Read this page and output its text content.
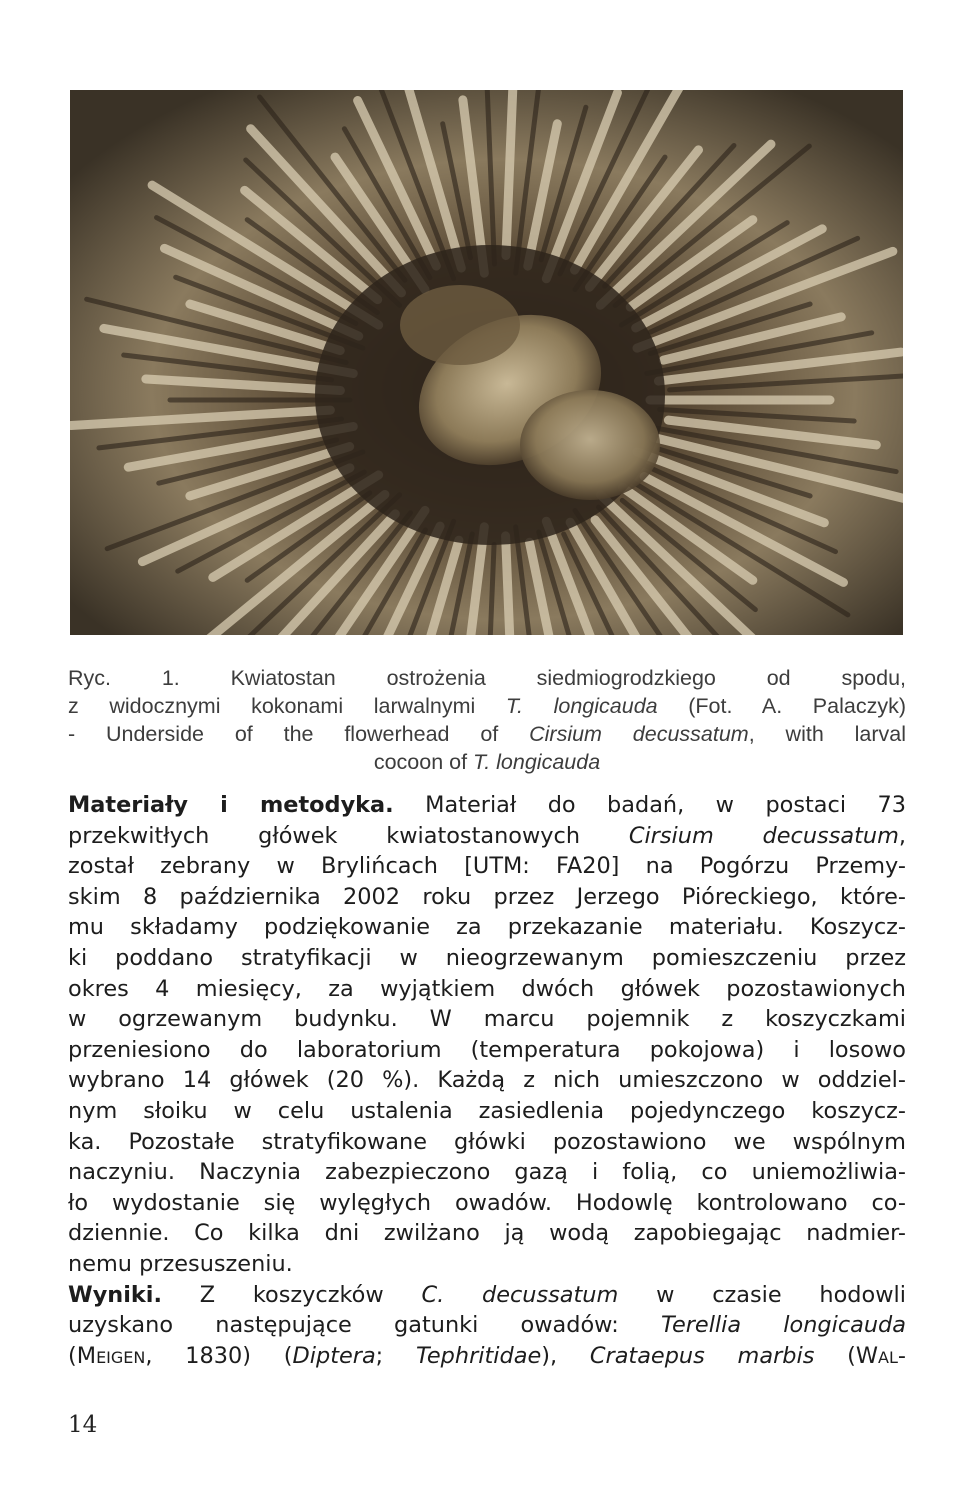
Ryc. 1. Kwiatostan ostrożenia siedmiogrodzkiego od spodu,
z widocznymi kokonami larwalnymi T. longicauda (Fot. A. Palaczyk)
- Underside of the flowerhead of Cirsium decussatum, with larval
cocoon of T. longicauda
Materiały i metodyka. Materiał do badań, w postaci 73
przekwitłych główek kwiatostanowych Cirsium decussatum,
został zebrany w Brylińcach [UTM: FA20] na Pogórzu Przemy-
skim 8 października 2002 roku przez Jerzego Pióreckiego, które-
mu składamy podziękowanie za przekazanie materiału. Koszycz-
ki poddano stratyfikacji w nieogrzewanym pomieszczeniu przez
okres 4 miesięcy, za wyjątkiem dwóch główek pozostawionych
w ogrzewanym budynku. W marcu pojemnik z koszyczkami
przeniesiono do laboratorium (temperatura pokojowa) i losowo
wybrano 14 główek (20 %). Każdą z nich umieszczono w oddziel-
nym słoiku w celu ustalenia zasiedlenia pojedynczego koszycz-
ka. Pozostałe stratyfikowane główki pozostawiono we wspólnym
naczyniu. Naczynia zabezpieczono gazą i folią, co uniemożliwia-
ło wydostanie się wylęgłych owadów. Hodowlę kontrolowano co-
dziennie. Co kilka dni zwilżano ją wodą zapobiegając nadmier-
nemu przesuszeniu.
Wyniki. Z koszyczków C. decussatum w czasie hodowli
uzyskano następujące gatunki owadów: Terellia longicauda
(Meigen, 1830) (Diptera; Tephritidae), Crataepus marbis (Wal-
14
